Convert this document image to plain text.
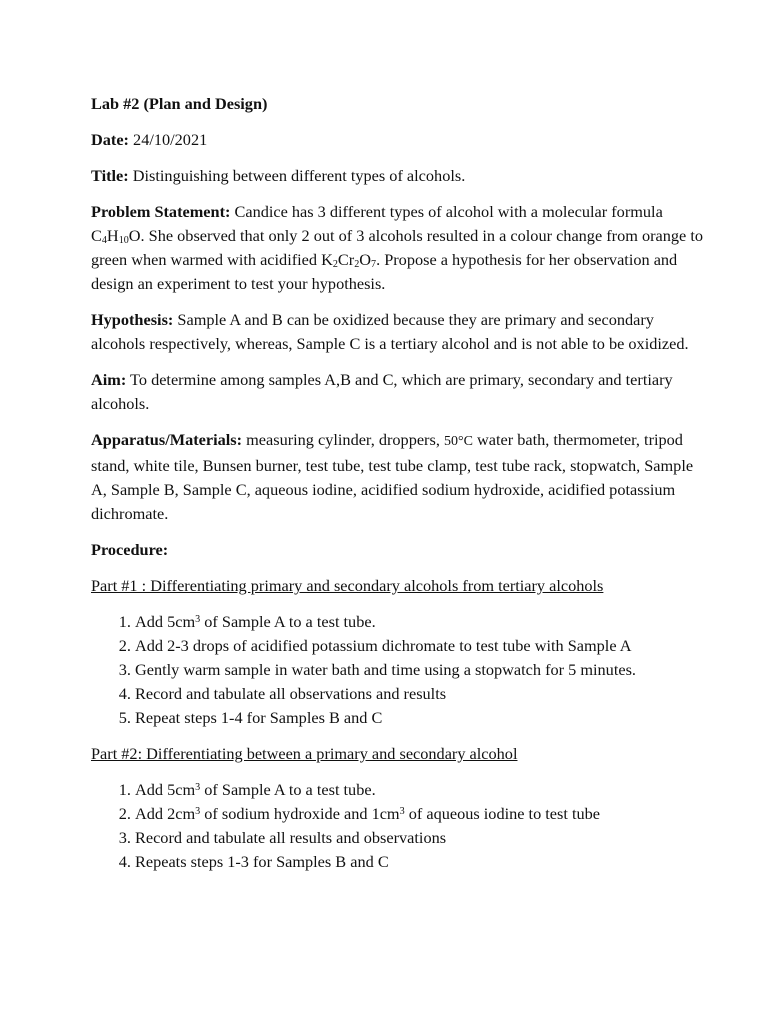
Lab #2 (Plan and Design)

Date: 24/10/2021

Title: Distinguishing between different types of alcohols.

Problem Statement: Candice has 3 different types of alcohol with a molecular formula $C_4H_{10}O$. She observed that only 2 out of 3 alcohols resulted in a colour change from orange to green when warmed with acidified $K_2Cr_2O_7$. Propose a hypothesis for her observation and design an experiment to test your hypothesis.

Hypothesis: Sample A and B can be oxidized because they are primary and secondary alcohols respectively, whereas, Sample C is a tertiary alcohol and is not able to be oxidized.

Aim: To determine among samples A,B and C, which are primary, secondary and tertiary alcohols.

Apparatus/Materials: measuring cylinder, droppers, 50°C water bath, thermometer, tripod stand, white tile, Bunsen burner, test tube, test tube clamp, test tube rack, stopwatch, Sample A, Sample B, Sample C, aqueous iodine, acidified sodium hydroxide, acidified potassium dichromate.

Procedure:

Part #1 : Differentiating primary and secondary alcohols from tertiary alcohols

1. Add $5cm^3$ of Sample A to a test tube.
2. Add 2-3 drops of acidified potassium dichromate to test tube with Sample A
3. Gently warm sample in water bath and time using a stopwatch for 5 minutes.
4. Record and tabulate all observations and results
5. Repeat steps 1-4 for Samples B and C

Part #2: Differentiating between a primary and secondary alcohol

1. Add $5cm^3$ of Sample A to a test tube.
2. Add $2cm^3$ of sodium hydroxide and $1cm^3$ of aqueous iodine to test tube
3. Record and tabulate all results and observations
4. Repeats steps 1-3 for Samples B and C
